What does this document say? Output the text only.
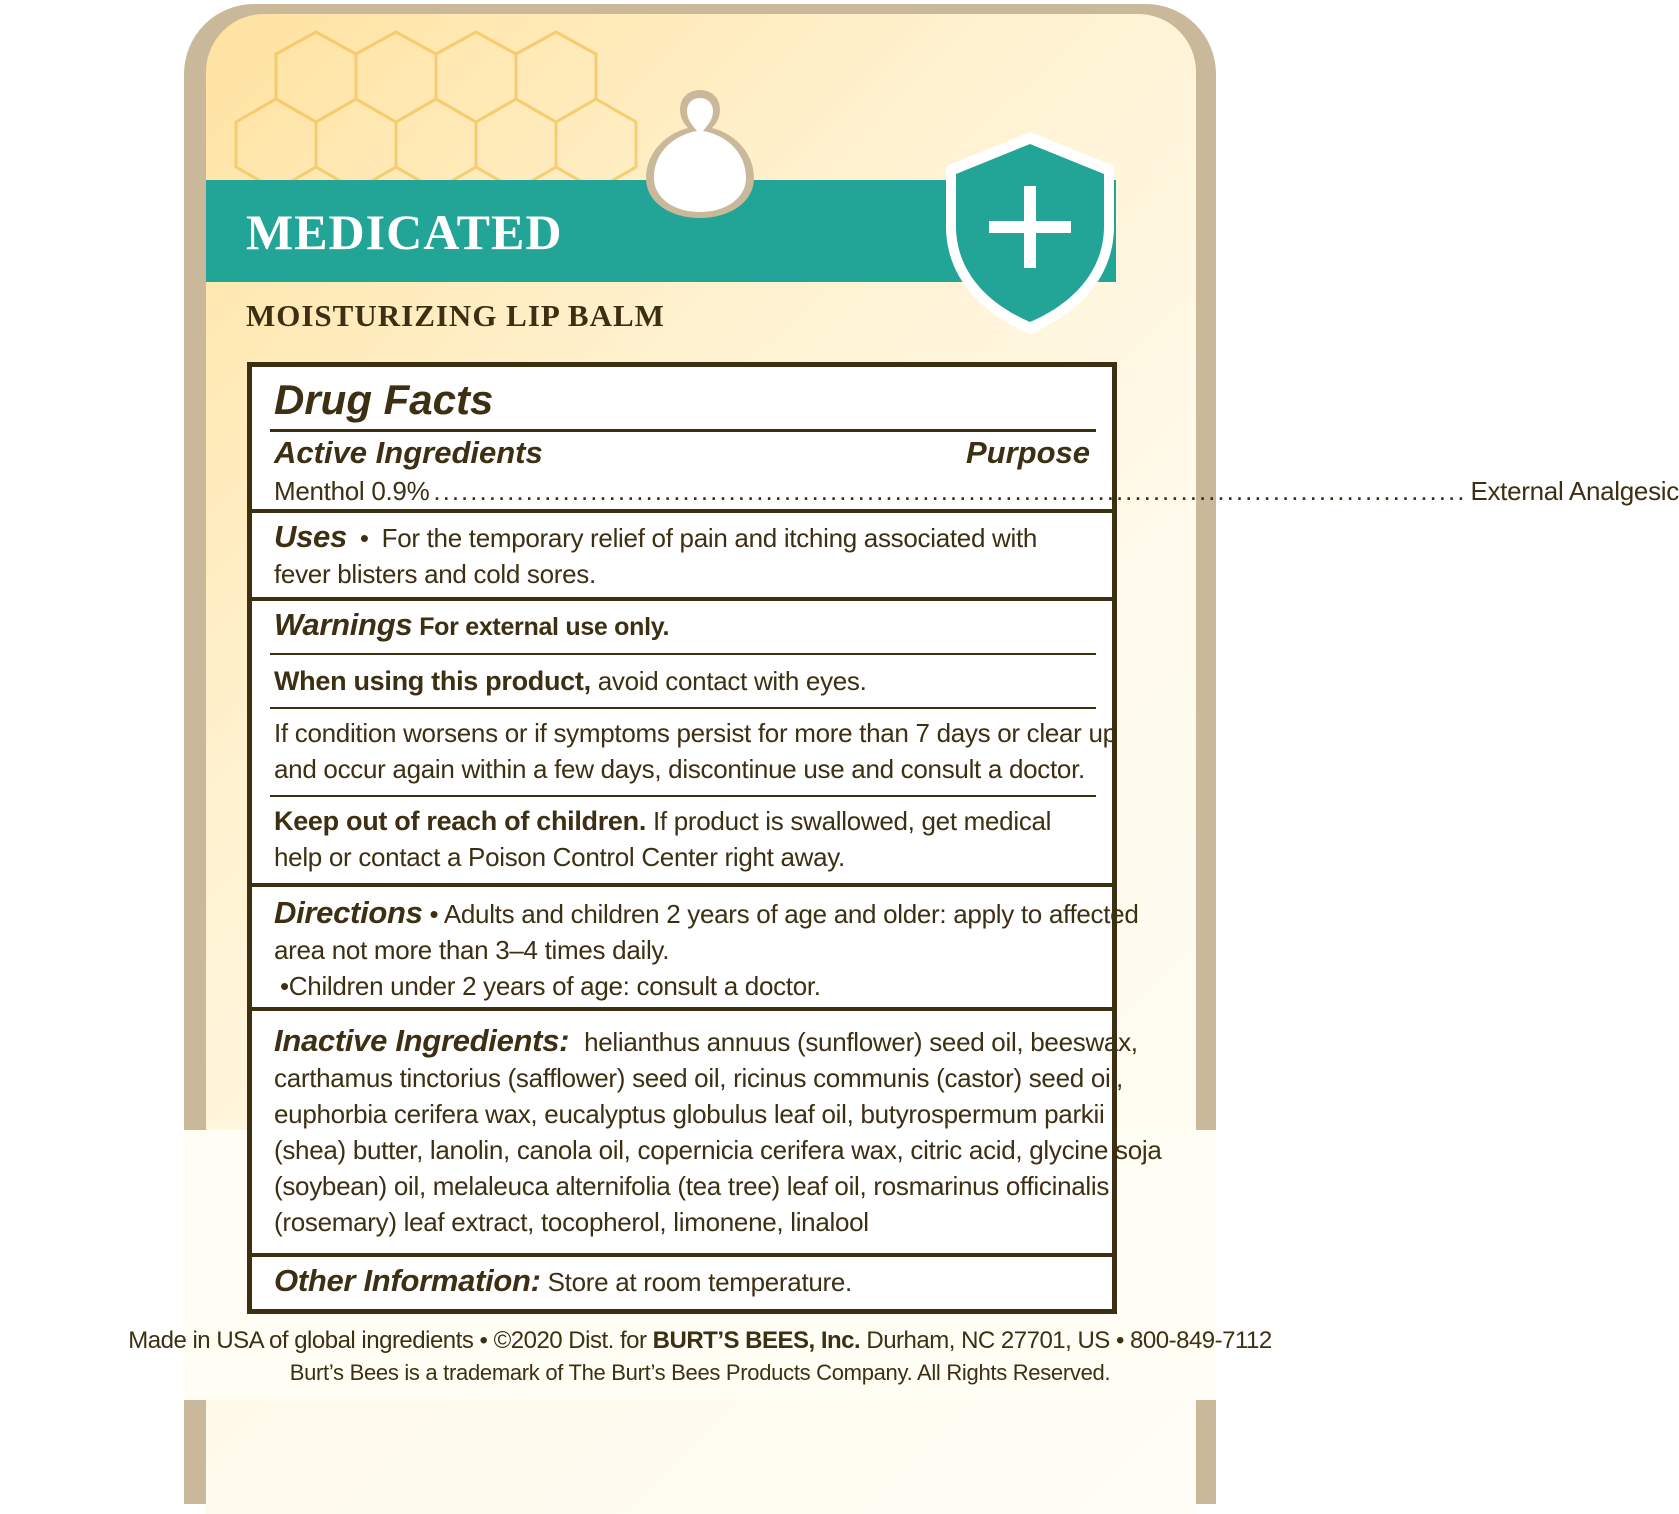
MEDICATED
MOISTURIZING LIP BALM
Drug Facts
Active Ingredients	Purpose
Menthol 0.9% ................................................................................................................ External Analgesic
Uses • For the temporary relief of pain and itching associated with
fever blisters and cold sores.
Warnings For external use only.
When using this product, avoid contact with eyes.
If condition worsens or if symptoms persist for more than 7 days or clear up
and occur again within a few days, discontinue use and consult a doctor.
Keep out of reach of children. If product is swallowed, get medical
help or contact a Poison Control Center right away.
Directions • Adults and children 2 years of age and older: apply to affected
area not more than 3–4 times daily.
•Children under 2 years of age: consult a doctor.
Inactive Ingredients: helianthus annuus (sunflower) seed oil, beeswax,
carthamus tinctorius (safflower) seed oil, ricinus communis (castor) seed oil,
euphorbia cerifera wax, eucalyptus globulus leaf oil, butyrospermum parkii
(shea) butter, lanolin, canola oil, copernicia cerifera wax, citric acid, glycine soja
(soybean) oil, melaleuca alternifolia (tea tree) leaf oil, rosmarinus officinalis
(rosemary) leaf extract, tocopherol, limonene, linalool
Other Information: Store at room temperature.

Made in USA of global ingredients • ©2020 Dist. for BURT’S BEES, Inc. Durham, NC 27701, US • 800-849-7112

Burt’s Bees is a trademark of The Burt’s Bees Products Company. All Rights Reserved.
